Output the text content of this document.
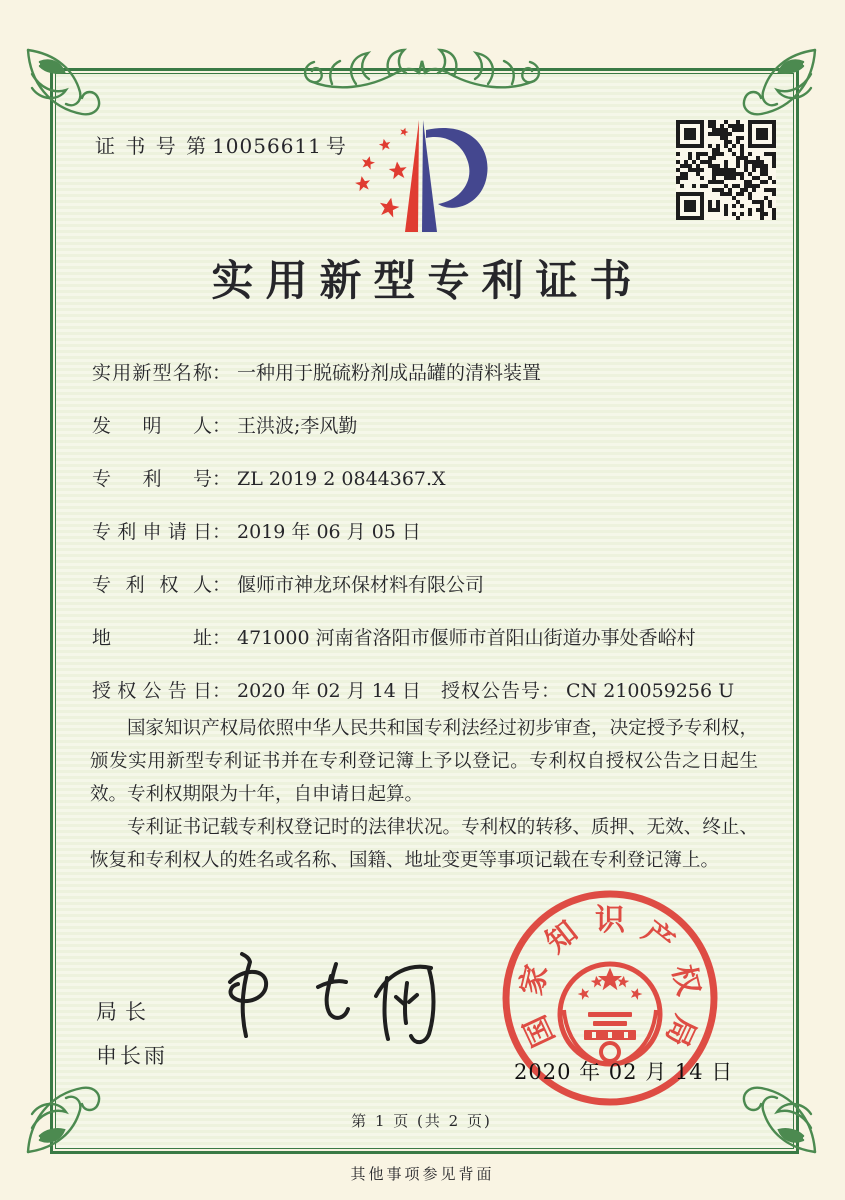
证 书 号 第 10056611 号
实用新型专利证书
实用新型名称 ： 一种用于脱硫粉剂成品罐的清料装置
发明人 ： 王洪波;李风勤
专利号 ： ZL 2019 2 0844367.X
专利申请日 ： 2019 年 06 月 05 日
专利权人 ： 偃师市神龙环保材料有限公司
地址 ： 471000 河南省洛阳市偃师市首阳山街道办事处香峪村
授权公告日 ： 2020 年 02 月 14 日	授权公告号 ： CN 210059256 U

国家知识产权局依照中华人民共和国专利法经过初步审查，决定授予专利权，颁发实用新型专利证书并在专利登记簿上予以登记。专利权自授权公告之日起生效。专利权期限为十年，自申请日起算。

专利证书记载专利权登记时的法律状况。专利权的转移、质押、无效、终止、恢复和专利权人的姓名或名称、国籍、地址变更等事项记载在专利登记簿上。

局长
申长雨
国
家
知 识 产
权
局
2020 年 02 月 14 日
第 1 页 (共 2 页)
其他事项参见背面
